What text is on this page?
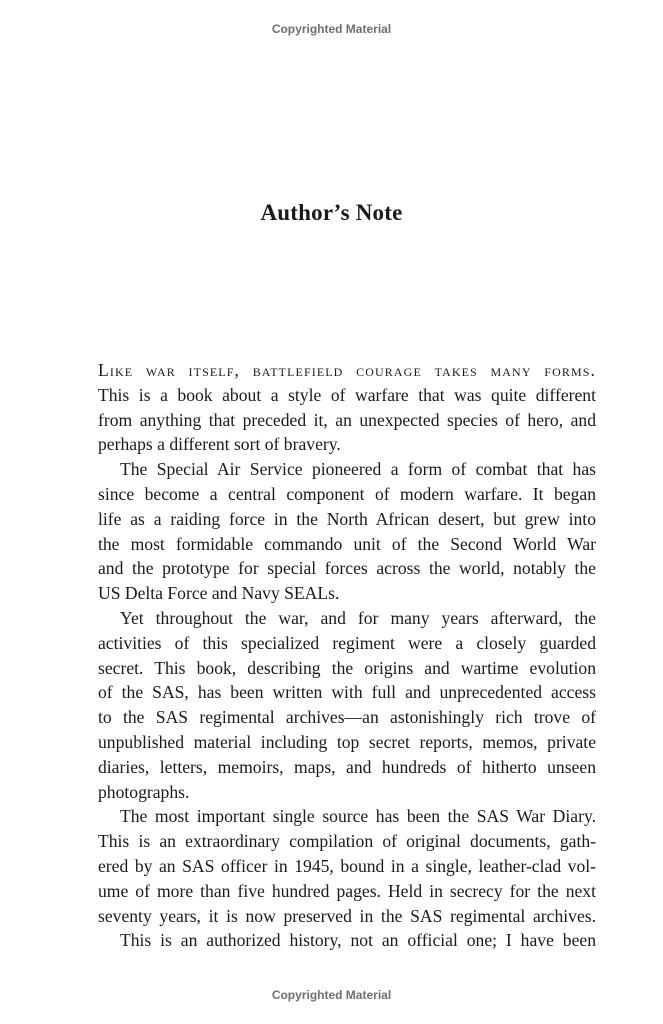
Copyrighted Material
Author’s Note
Like war itself, battlefield courage takes many forms.
This is a book about a style of warfare that was quite different
from anything that preceded it, an unexpected species of hero, and
perhaps a different sort of bravery.
The Special Air Service pioneered a form of combat that has
since become a central component of modern warfare. It began
life as a raiding force in the North African desert, but grew into
the most formidable commando unit of the Second World War
and the prototype for special forces across the world, notably the
US Delta Force and Navy SEALs.
Yet throughout the war, and for many years afterward, the
activities of this specialized regiment were a closely guarded
secret. This book, describing the origins and wartime evolution
of the SAS, has been written with full and unprecedented access
to the SAS regimental archives—an astonishingly rich trove of
unpublished material including top secret reports, memos, private
diaries, letters, memoirs, maps, and hundreds of hitherto unseen
photographs.
The most important single source has been the SAS War Diary.
This is an extraordinary compilation of original documents, gath-
ered by an SAS officer in 1945, bound in a single, leather-clad vol-
ume of more than five hundred pages. Held in secrecy for the next
seventy years, it is now preserved in the SAS regimental archives.
This is an authorized history, not an official one; I have been
Copyrighted Material
